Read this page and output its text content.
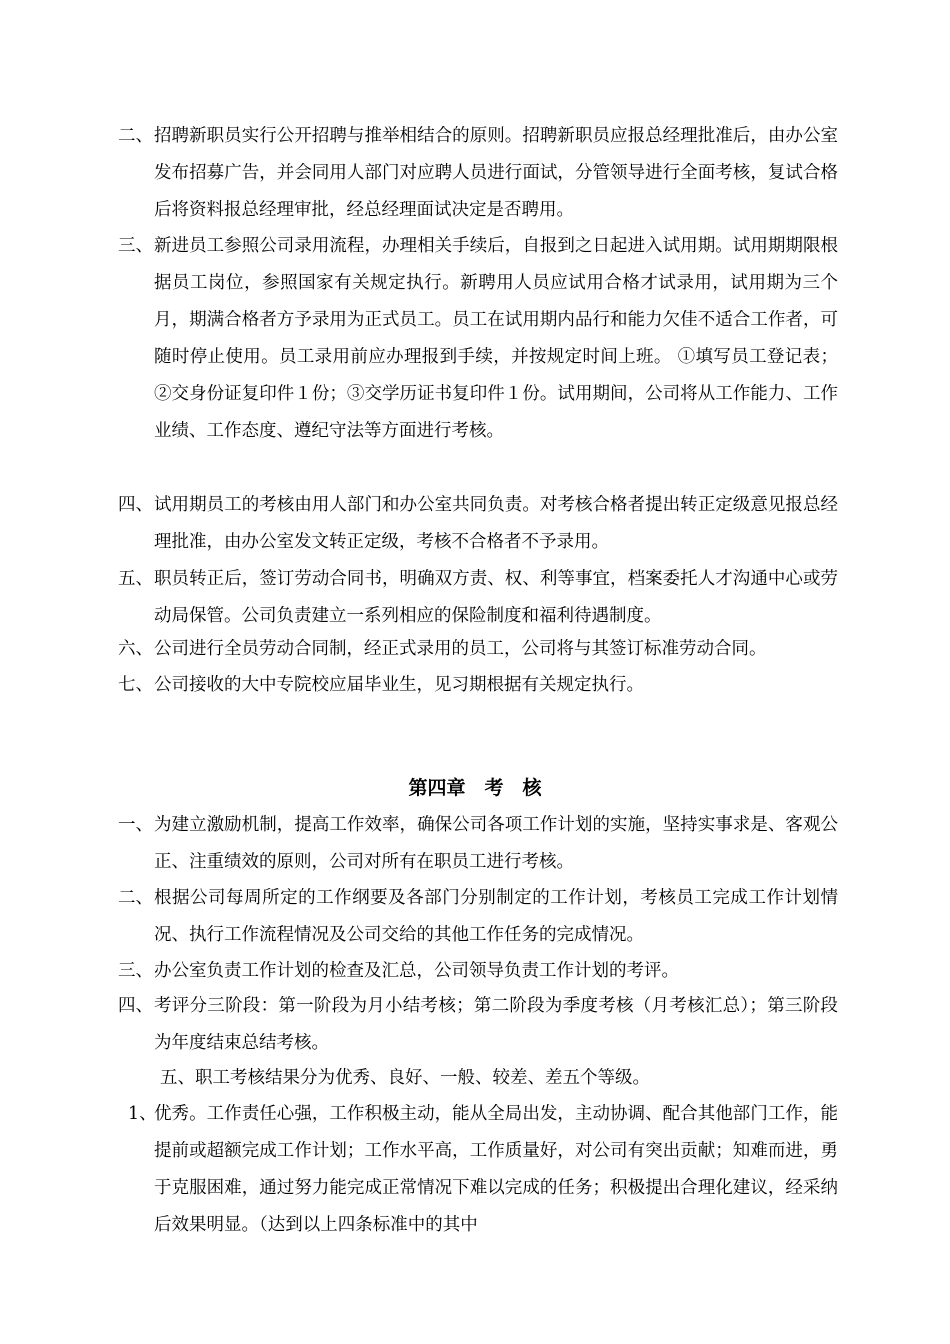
二、 招聘新职员实行公开招聘与推举相结合的原则。招聘新职员应报总经理批准后，由办公室发布招募广告，并会同用人部门对应聘人员进行面试，分管领导进行全面考核，复试合格后将资料报总经理审批，经总经理面试决定是否聘用。
三、 新进员工参照公司录用流程，办理相关手续后，自报到之日起进入试用期。试用期期限根据员工岗位，参照国家有关规定执行。新聘用人员应试用合格才试录用，试用期为三个月，期满合格者方予录用为正式员工。员工在试用期内品行和能力欠佳不适合工作者，可随时停止使用。员工录用前应办理报到手续，并按规定时间上班。 ①填写员工登记表；②交身份证复印件１份；③交学历证书复印件１份。试用期间，公司将从工作能力、工作业绩、工作态度、遵纪守法等方面进行考核。
四、 试用期员工的考核由用人部门和办公室共同负责。对考核合格者提出转正定级意见报总经理批准，由办公室发文转正定级，考核不合格者不予录用。
五、 职员转正后，签订劳动合同书，明确双方责、权、利等事宜，档案委托人才沟通中心或劳动局保管。公司负责建立一系列相应的保险制度和福利待遇制度。
六、 公司进行全员劳动合同制，经正式录用的员工，公司将与其签订标准劳动合同。
七、 公司接收的大中专院校应届毕业生，见习期根据有关规定执行。
第四章　考　核
一、 为建立激励机制，提高工作效率，确保公司各项工作计划的实施，坚持实事求是、客观公正、注重绩效的原则，公司对所有在职员工进行考核。
二、 根据公司每周所定的工作纲要及各部门分别制定的工作计划，考核员工完成工作计划情况、执行工作流程情况及公司交给的其他工作任务的完成情况。
三、 办公室负责工作计划的检查及汇总，公司领导负责工作计划的考评。
四、 考评分三阶段：第一阶段为月小结考核；第二阶段为季度考核（月考核汇总）；第三阶段为年度结束总结考核。
五、职工考核结果分为优秀、良好、一般、较差、差五个等级。
1、
优秀。工作责任心强，工作积极主动，能从全局出发，主动协调、配合其他部门工作，能提前或超额完成工作计划；工作水平高，工作质量好，对公司有突出贡献；知难而进，勇于克服困难，通过努力能完成正常情况下难以完成的任务；积极提出合理化建议，经采纳后效果明显。（达到以上四条标准中的其中
